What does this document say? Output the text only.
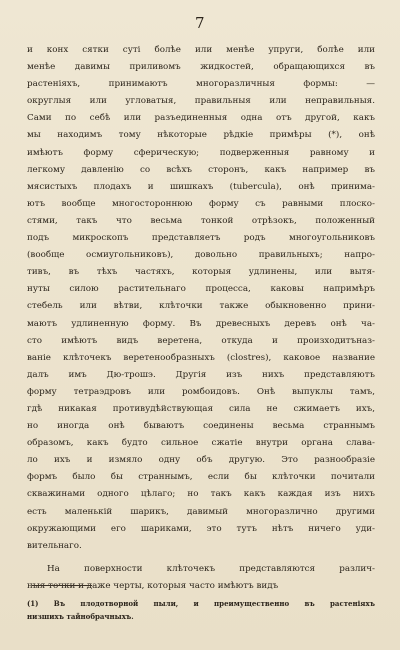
7
и конх сятки сутi болѣе или менѣе упруги, болѣе или
менѣе давимы приливомъ жидкостей, обращающихся въ
растеніяхъ, принимаютъ многоразличныя формы: —
округлыя или угловатыя, правильныя или неправильныя.
Сами по себѣ или разъединенныя одна отъ другой, какъ
мы находимъ тому нѣкоторые рѣдкіе примѣры (*), онѣ
имѣютъ форму сферическую; подверженныя равному и
легкому давленію со всѣхъ сторонъ, какъ например въ
мясистыхъ плодахъ и шишкахъ (tubercula), онѣ принима-
ютъ вообще многостороннюю форму съ равными плоско-
стями, такъ что весьма тонкой отрѣзокъ, положенный
подъ микроскопъ представляетъ родъ многоугольниковъ
(вообще осмиугольниковъ), довольно правильныхъ; напро-
тивъ, въ тѣхъ частяхъ, которыя удлинены, или вытя-
нуты силою растительнаго процесса, каковы напримѣръ
стебель или вѣтви, клѣточки также обыкновенно прини-
маютъ удлиненную форму. Въ древесныхъ деревъ онѣ ча-
сто имѣютъ видъ веретена, откуда и произходитъназ-
ваніе клѣточекъ веретенообразныхъ (clostres), каковое название
далъ имъ Дю-трошэ. Другія изъ нихъ представляютъ
форму тетраэдровъ или ромбоидовъ. Онѣ выпуклы тамъ,
гдѣ никакая противудѣйствующая сила не сжимаетъ ихъ,
но иногда онѣ бываютъ соединены весьма страннымъ
образомъ, какъ будто сильное сжатіе внутри органа слава-
ло ихъ и измяло одну объ другую. Это разнообразіе
формъ было бы страннымъ, если бы клѣточки почитали
скважинами одного цѣлаго; но такъ какъ каждая изъ нихъ
есть маленькій шарикъ, давимый многоразлично другими
окружающими его шариками, это тутъ нѣтъ ничего уди-
вительнаго.
На поверхности клѣточекъ представляются различ-
ныя точки и даже черты, которыя часто имѣютъ видъ
(1) Въ плодотворной пыли, и преимущественно въ растеніяхъ
низшихъ тайнобрачныхъ.
